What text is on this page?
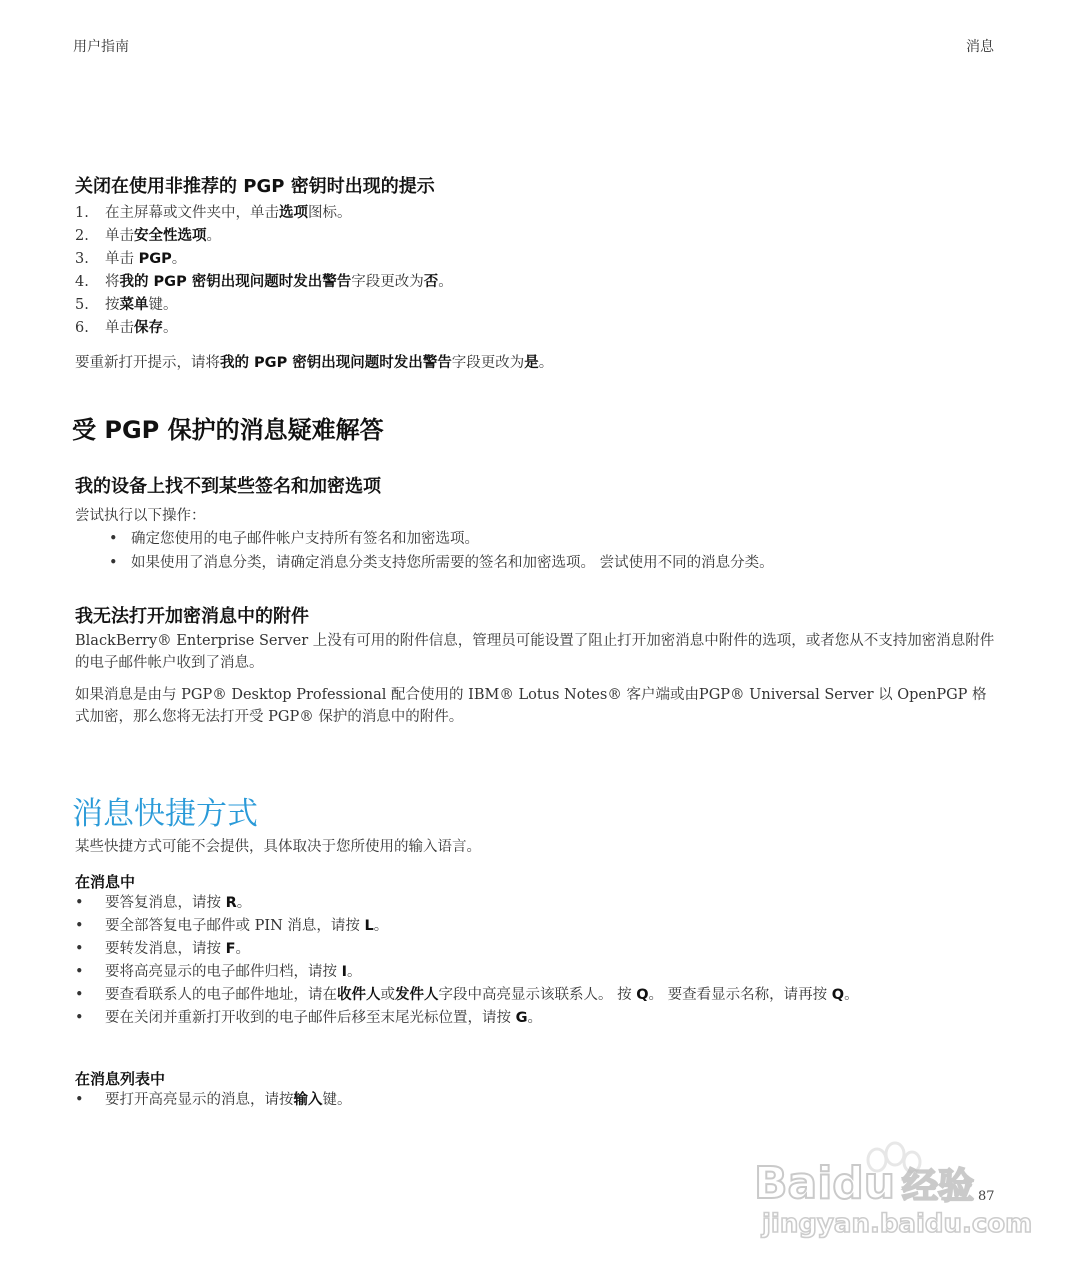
用户指南	消息
关闭在使用非推荐的 PGP 密钥时出现的提示
1. 在主屏幕或文件夹中，单击选项图标。
2. 单击安全性选项。
3. 单击 PGP。
4. 将我的 PGP 密钥出现问题时发出警告字段更改为否。
5. 按菜单键。
6. 单击保存。
要重新打开提示，请将我的 PGP 密钥出现问题时发出警告字段更改为是。
受 PGP 保护的消息疑难解答
我的设备上找不到某些签名和加密选项
尝试执行以下操作：
• 确定您使用的电子邮件帐户支持所有签名和加密选项。
• 如果使用了消息分类，请确定消息分类支持您所需要的签名和加密选项。 尝试使用不同的消息分类。
我无法打开加密消息中的附件
BlackBerry® Enterprise Server 上没有可用的附件信息，管理员可能设置了阻止打开加密消息中附件的选项，或者您从不支持加密消息附件的电子邮件帐户收到了消息。
如果消息是由与 PGP® Desktop Professional 配合使用的 IBM® Lotus Notes® 客户端或由PGP® Universal Server 以 OpenPGP 格式加密，那么您将无法打开受 PGP® 保护的消息中的附件。
消息快捷方式
某些快捷方式可能不会提供，具体取决于您所使用的输入语言。
在消息中
• 要答复消息，请按 R。
• 要全部答复电子邮件或 PIN 消息，请按 L。
• 要转发消息，请按 F。
• 要将高亮显示的电子邮件归档，请按 I。
• 要查看联系人的电子邮件地址，请在收件人或发件人字段中高亮显示该联系人。 按 Q。 要查看显示名称，请再按 Q。
• 要在关闭并重新打开收到的电子邮件后移至末尾光标位置，请按 G。
在消息列表中
• 要打开高亮显示的消息，请按输入键。
Baidu 经验
jingyan.baidu.com
87
